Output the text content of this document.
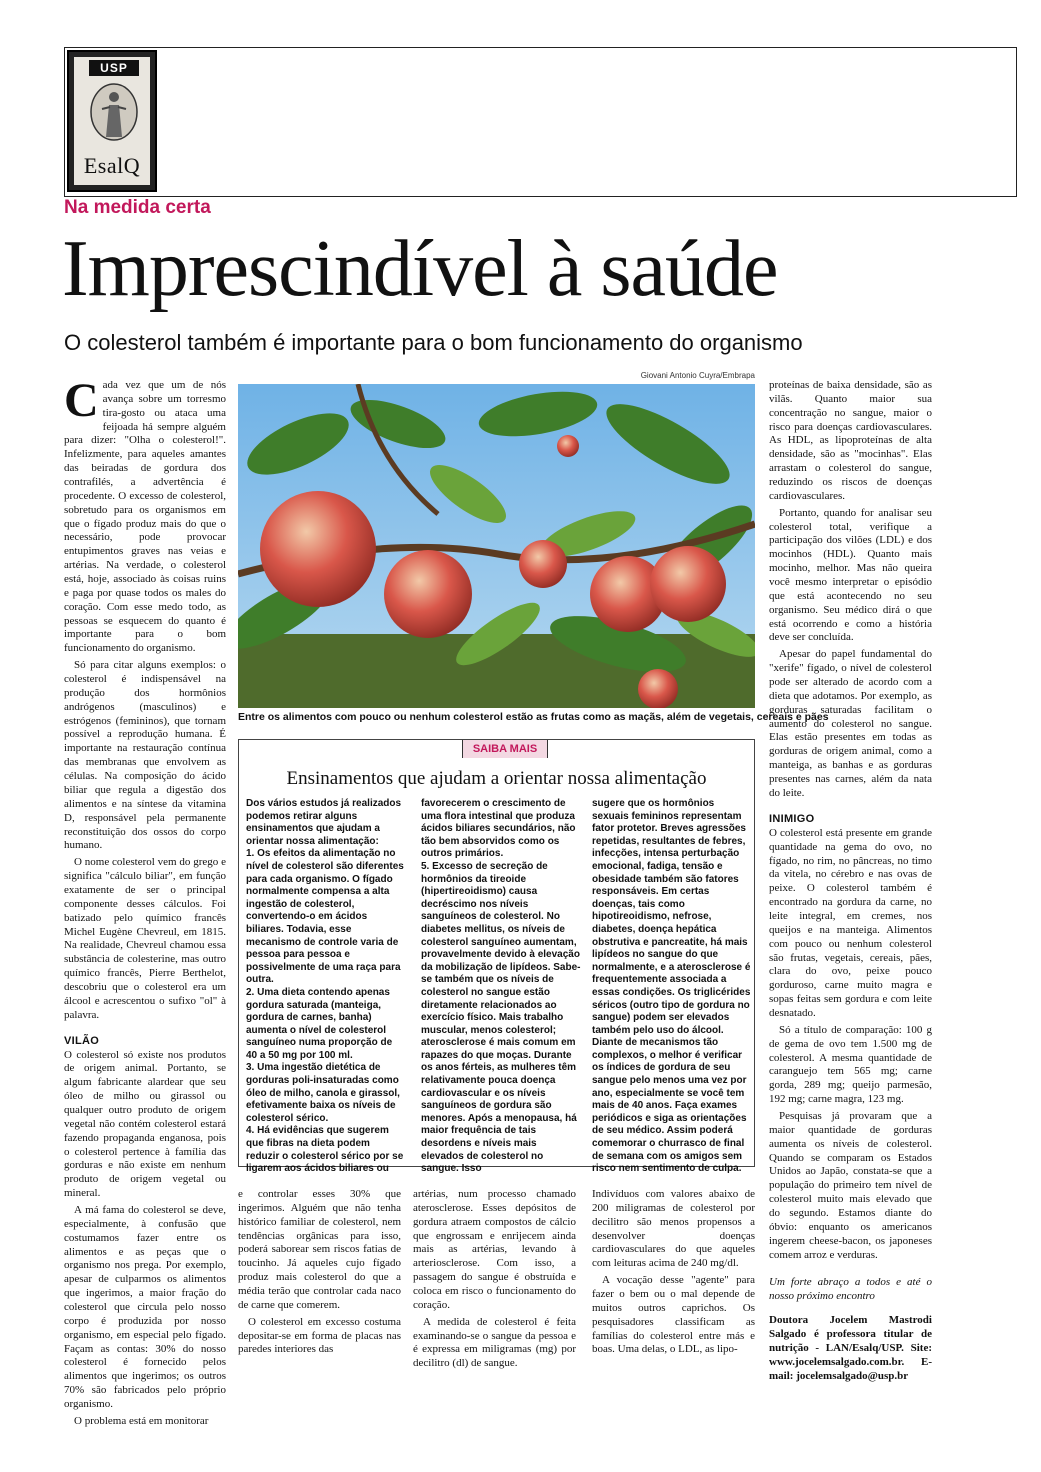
USP
EsalQ
Na medida certa
Imprescindível à saúde
O colesterol também é importante para o bom funcionamento do organismo

Cada vez que um de nós avança sobre um torresmo tira-gosto ou ataca uma feijoada há sempre alguém para dizer: "Olha o colesterol!". Infelizmente, para aqueles amantes das beiradas de gordura dos contrafilés, a advertência é procedente. O excesso de colesterol, sobretudo para os organismos em que o fígado produz mais do que o necessário, pode provocar entupimentos graves nas veias e artérias. Na verdade, o colesterol está, hoje, associado às coisas ruins e paga por quase todos os males do coração. Com esse medo todo, as pessoas se esquecem do quanto é importante para o bom funcionamento do organismo.

Só para citar alguns exemplos: o colesterol é indispensável na produção dos hormônios andrógenos (masculinos) e estrógenos (femininos), que tornam possível a reprodução humana. É importante na restauração contínua das membranas que envolvem as células. Na composição do ácido biliar que regula a digestão dos alimentos e na síntese da vitamina D, responsável pela permanente reconstituição dos ossos do corpo humano.

O nome colesterol vem do grego e significa "cálculo biliar", em função exatamente de ser o principal componente desses cálculos. Foi batizado pelo químico francês Michel Eugène Chevreul, em 1815. Na realidade, Chevreul chamou essa substância de colesterine, mas outro químico francês, Pierre Berthelot, descobriu que o colesterol era um álcool e acrescentou o sufixo "ol" à palavra.

VILÃO

O colesterol só existe nos produtos de origem animal. Portanto, se algum fabricante alardear que seu óleo de milho ou girassol ou qualquer outro produto de origem vegetal não contém colesterol estará fazendo propaganda enganosa, pois o colesterol pertence à família das gorduras e não existe em nenhum produto de origem vegetal ou mineral.

A má fama do colesterol se deve, especialmente, à confusão que costumamos fazer entre os alimentos e as peças que o organismo nos prega. Por exemplo, apesar de culparmos os alimentos que ingerimos, a maior fração do colesterol que circula pelo nosso corpo é produzida por nosso organismo, em especial pelo fígado. Façam as contas: 30% do nosso colesterol é fornecido pelos alimentos que ingerimos; os outros 70% são fabricados pelo próprio organismo.

O problema está em monitorar

Giovani Antonio Cuyra/Embrapa
Entre os alimentos com pouco ou nenhum colesterol estão as frutas como as maçãs, além de vegetais, cereais e pães
SAIBA MAIS
Ensinamentos que ajudam a orientar nossa alimentação

Dos vários estudos já realizados podemos retirar alguns ensinamentos que ajudam a orientar nossa alimentação:
1. Os efeitos da alimentação no nível de colesterol são diferentes para cada organismo. O fígado normalmente compensa a alta ingestão de colesterol, convertendo-o em ácidos biliares. Todavia, esse mecanismo de controle varia de pessoa para pessoa e possivelmente de uma raça para outra.
2. Uma dieta contendo apenas gordura saturada (manteiga, gordura de carnes, banha) aumenta o nível de colesterol sanguíneo numa proporção de 40 a 50 mg por 100 ml.
3. Uma ingestão dietética de gorduras poli-insaturadas como óleo de milho, canola e girassol, efetivamente baixa os níveis de colesterol sérico.
4. Há evidências que sugerem que fibras na dieta podem reduzir o colesterol sérico por se ligarem aos ácidos biliares ou

favorecerem o crescimento de uma flora intestinal que produza ácidos biliares secundários, não tão bem absorvidos como os outros primários.
5. Excesso de secreção de hormônios da tireoide (hipertireoidismo) causa decréscimo nos níveis sanguíneos de colesterol. No diabetes mellitus, os níveis de colesterol sanguíneo aumentam, provavelmente devido à elevação da mobilização de lipídeos. Sabe-se também que os níveis de colesterol no sangue estão diretamente relacionados ao exercício físico. Mais trabalho muscular, menos colesterol; aterosclerose é mais comum em rapazes do que moças. Durante os anos férteis, as mulheres têm relativamente pouca doença cardiovascular e os níveis sanguíneos de gordura são menores. Após a menopausa, há maior frequência de tais desordens e níveis mais elevados de colesterol no sangue. Isso

sugere que os hormônios sexuais femininos representam fator protetor. Breves agressões repetidas, resultantes de febres, infecções, intensa perturbação emocional, fadiga, tensão e obesidade também são fatores responsáveis. Em certas doenças, tais como hipotireoidismo, nefrose, diabetes, doença hepática obstrutiva e pancreatite, há mais lipídeos no sangue do que normalmente, e a aterosclerose é frequentemente associada a essas condições. Os triglicérides séricos (outro tipo de gordura no sangue) podem ser elevados também pelo uso do álcool. Diante de mecanismos tão complexos, o melhor é verificar os índices de gordura de seu sangue pelo menos uma vez por ano, especialmente se você tem mais de 40 anos. Faça exames periódicos e siga as orientações de seu médico. Assim poderá comemorar o churrasco de final de semana com os amigos sem risco nem sentimento de culpa.

e controlar esses 30% que ingerimos. Alguém que não tenha histórico familiar de colesterol, nem tendências orgânicas para isso, poderá saborear sem riscos fatias de toucinho. Já aqueles cujo fígado produz mais colesterol do que a média terão que controlar cada naco de carne que comerem.

O colesterol em excesso costuma depositar-se em forma de placas nas paredes interiores das

artérias, num processo chamado aterosclerose. Esses depósitos de gordura atraem compostos de cálcio que engrossam e enrijecem ainda mais as artérias, levando à arteriosclerose. Com isso, a passagem do sangue é obstruída e coloca em risco o funcionamento do coração.

A medida de colesterol é feita examinando-se o sangue da pessoa e é expressa em miligramas (mg) por decilitro (dl) de sangue.

Indivíduos com valores abaixo de 200 miligramas de colesterol por decilitro são menos propensos a desenvolver doenças cardiovasculares do que aqueles com leituras acima de 240 mg/dl.

A vocação desse "agente" para fazer o bem ou o mal depende de muitos outros caprichos. Os pesquisadores classificam as famílias do colesterol entre más e boas. Uma delas, o LDL, as lipo-

proteínas de baixa densidade, são as vilãs. Quanto maior sua concentração no sangue, maior o risco para doenças cardiovasculares. As HDL, as lipoproteínas de alta densidade, são as "mocinhas". Elas arrastam o colesterol do sangue, reduzindo os riscos de doenças cardiovasculares.

Portanto, quando for analisar seu colesterol total, verifique a participação dos vilões (LDL) e dos mocinhos (HDL). Quanto mais mocinho, melhor. Mas não queira você mesmo interpretar o episódio que está acontecendo no seu organismo. Seu médico dirá o que está ocorrendo e como a história deve ser concluída.

Apesar do papel fundamental do "xerife" fígado, o nível de colesterol pode ser alterado de acordo com a dieta que adotamos. Por exemplo, as gorduras saturadas facilitam o aumento do colesterol no sangue. Elas estão presentes em todas as gorduras de origem animal, como a manteiga, as banhas e as gorduras presentes nas carnes, além da nata do leite.

INIMIGO

O colesterol está presente em grande quantidade na gema do ovo, no fígado, no rim, no pâncreas, no timo da vitela, no cérebro e nas ovas de peixe. O colesterol também é encontrado na gordura da carne, no leite integral, em cremes, nos queijos e na manteiga. Alimentos com pouco ou nenhum colesterol são frutas, vegetais, cereais, pães, clara do ovo, peixe pouco gorduroso, carne muito magra e sopas feitas sem gordura e com leite desnatado.

Só a título de comparação: 100 g de gema de ovo tem 1.500 mg de colesterol. A mesma quantidade de caranguejo tem 565 mg; carne gorda, 289 mg; queijo parmesão, 192 mg; carne magra, 123 mg.

Pesquisas já provaram que a maior quantidade de gorduras aumenta os níveis de colesterol. Quando se comparam os Estados Unidos ao Japão, constata-se que a população do primeiro tem nível de colesterol muito mais elevado que do segundo. Estamos diante do óbvio: enquanto os americanos ingerem cheese-bacon, os japoneses comem arroz e verduras.

Um forte abraço a todos e até o nosso próximo encontro

Doutora Jocelem Mastrodi Salgado é professora titular de nutrição - LAN/Esalq/USP. Site: www.jocelemsalgado.com.br. E-mail: jocelemsalgado@usp.br
